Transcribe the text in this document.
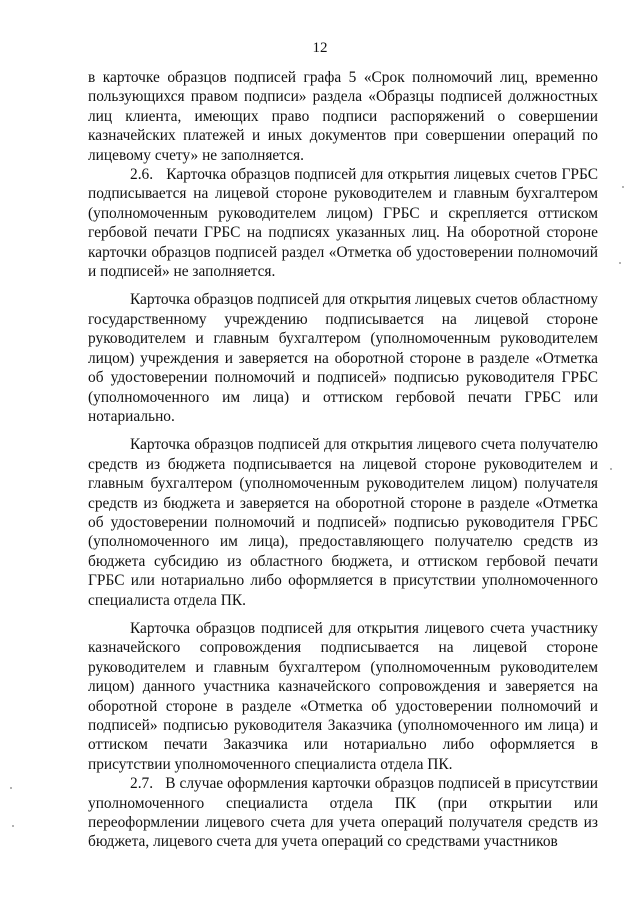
12

в карточке образцов подписей графа 5 «Срок полномочий лиц, временно пользующихся правом подписи» раздела «Образцы подписей должностных лиц клиента, имеющих право подписи распоряжений о совершении казначейских платежей и иных документов при совершении операций по лицевому счету» не заполняется.

2.6.   Карточка образцов подписей для открытия лицевых счетов ГРБС подписывается на лицевой стороне руководителем и главным бухгалтером (уполномоченным руководителем лицом) ГРБС и скрепляется оттиском гербовой печати ГРБС на подписях указанных лиц. На оборотной стороне карточки образцов подписей раздел «Отметка об удостоверении полномочий и подписей» не заполняется.

Карточка образцов подписей для открытия лицевых счетов областному государственному учреждению подписывается на лицевой стороне руководителем и главным бухгалтером (уполномоченным руководителем лицом) учреждения и заверяется на оборотной стороне в разделе «Отметка об удостоверении полномочий и подписей» подписью руководителя ГРБС (уполномоченного им лица) и оттиском гербовой печати ГРБС или нотариально.

Карточка образцов подписей для открытия лицевого счета получателю средств из бюджета подписывается на лицевой стороне руководителем и главным бухгалтером (уполномоченным руководителем лицом) получателя средств из бюджета и заверяется на оборотной стороне в разделе «Отметка об удостоверении полномочий и подписей» подписью руководителя ГРБС (уполномоченного им лица), предоставляющего получателю средств из бюджета субсидию из областного бюджета, и оттиском гербовой печати ГРБС или нотариально либо оформляется в присутствии уполномоченного специалиста отдела ПК.

Карточка образцов подписей для открытия лицевого счета участнику казначейского сопровождения подписывается на лицевой стороне руководителем и главным бухгалтером (уполномоченным руководителем лицом) данного участника казначейского сопровождения и заверяется на оборотной стороне в разделе «Отметка об удостоверении полномочий и подписей» подписью руководителя Заказчика (уполномоченного им лица) и оттиском печати Заказчика или нотариально либо оформляется в присутствии уполномоченного специалиста отдела ПК.

2.7.   В случае оформления карточки образцов подписей в присутствии уполномоченного специалиста отдела ПК (при открытии или переоформлении лицевого счета для учета операций получателя средств из бюджета, лицевого счета для учета операций со средствами участников
